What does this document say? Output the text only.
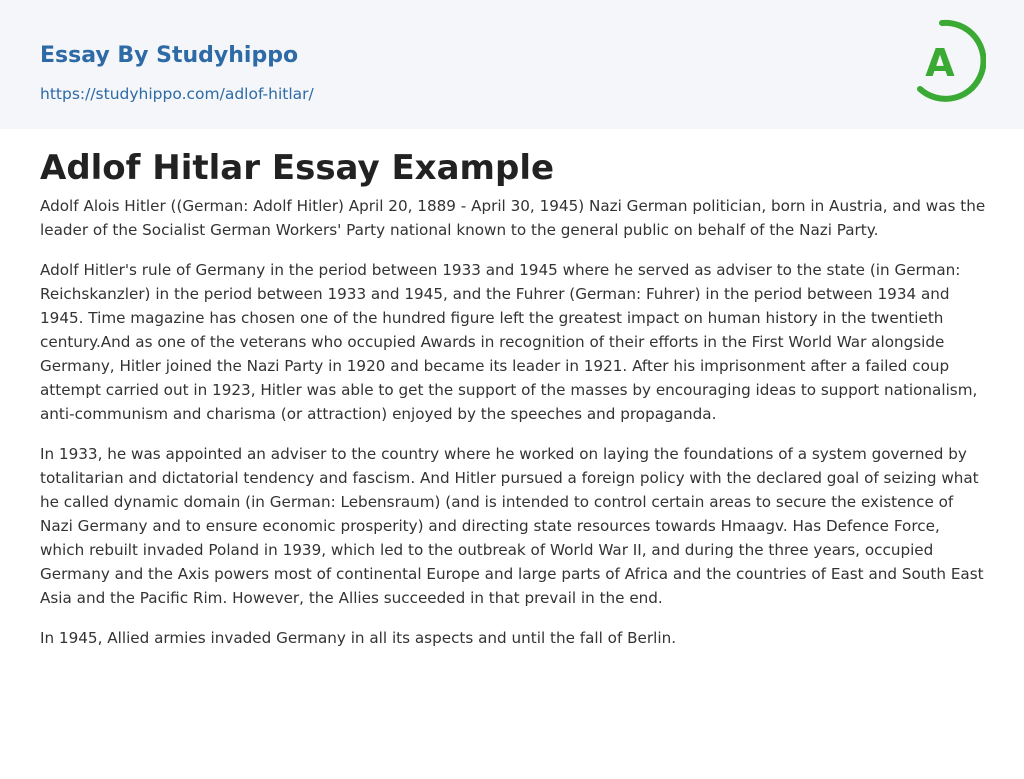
Essay By Studyhippo
https://studyhippo.com/adlof-hitlar/
A
Adlof Hitlar Essay Example

Adolf Alois Hitler ((German: Adolf Hitler) April 20, 1889 - April 30, 1945) Nazi German politician, born in Austria, and was the leader of the Socialist German Workers' Party national known to the general public on behalf of the Nazi Party.

Adolf Hitler's rule of Germany in the period between 1933 and 1945 where he served as adviser to the state (in German: Reichskanzler) in the period between 1933 and 1945, and the Fuhrer (German: Fuhrer) in the period between 1934 and 1945. Time magazine has chosen one of the hundred figure left the greatest impact on human history in the twentieth century.And as one of the veterans who occupied Awards in recognition of their efforts in the First World War alongside Germany, Hitler joined the Nazi Party in 1920 and became its leader in 1921. After his imprisonment after a failed coup attempt carried out in 1923, Hitler was able to get the support of the masses by encouraging ideas to support nationalism, anti-communism and charisma (or attraction) enjoyed by the speeches and propaganda.

In 1933, he was appointed an adviser to the country where he worked on laying the foundations of a system governed by totalitarian and dictatorial tendency and fascism. And Hitler pursued a foreign policy with the declared goal of seizing what he called dynamic domain (in German: Lebensraum) (and is intended to control certain areas to secure the existence of Nazi Germany and to ensure economic prosperity) and directing state resources towards Hmaagv. Has Defence Force, which rebuilt invaded Poland in 1939, which led to the outbreak of World War II, and during the three years, occupied Germany and the Axis powers most of continental Europe and large parts of Africa and the countries of East and South East Asia and the Pacific Rim. However, the Allies succeeded in that prevail in the end.

In 1945, Allied armies invaded Germany in all its aspects and until the fall of Berlin.
